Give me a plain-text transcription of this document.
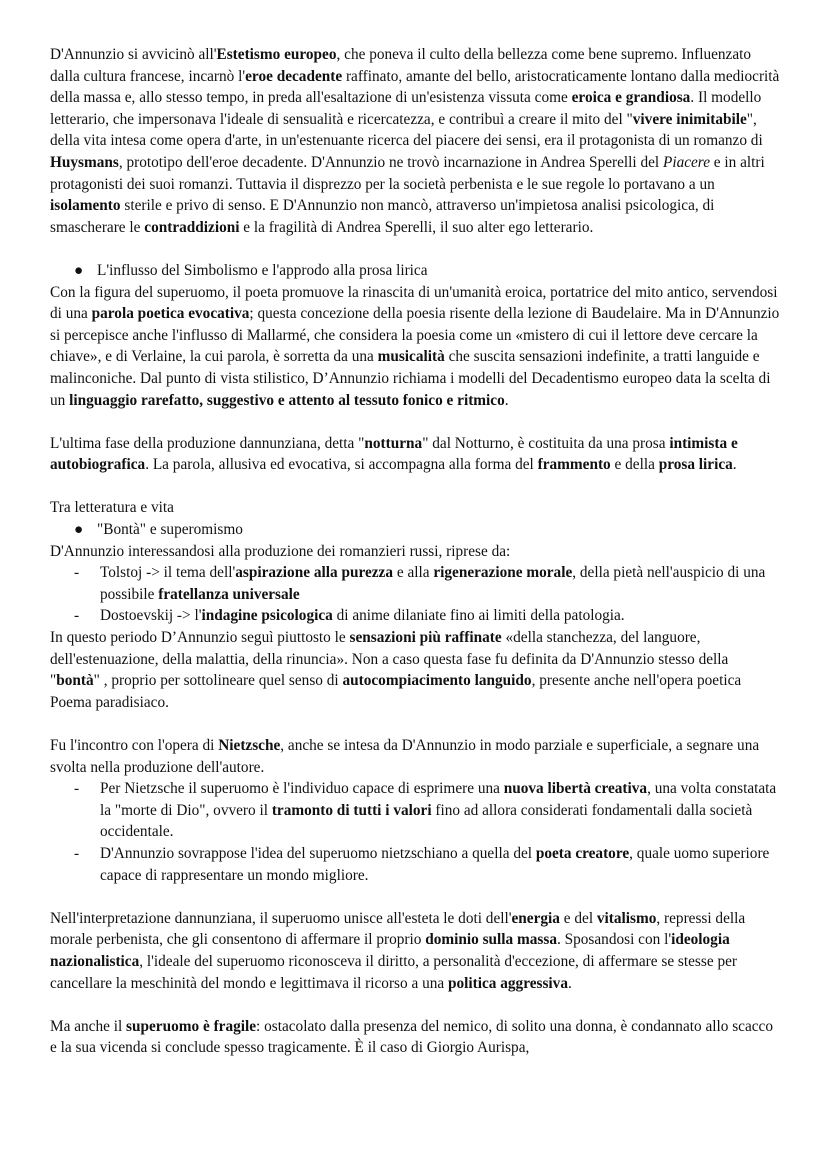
D'Annunzio si avvicinò all'Estetismo europeo, che poneva il culto della bellezza come bene supremo. Influenzato dalla cultura francese, incarnò l'eroe decadente raffinato, amante del bello, aristocraticamente lontano dalla mediocrità della massa e, allo stesso tempo, in preda all'esaltazione di un'esistenza vissuta come eroica e grandiosa. Il modello letterario, che impersonava l'ideale di sensualità e ricercatezza, e contribuì a creare il mito del "vivere inimitabile", della vita intesa come opera d'arte, in un'estenuante ricerca del piacere dei sensi, era il protagonista di un romanzo di Huysmans, prototipo dell'eroe decadente. D'Annunzio ne trovò incarnazione in Andrea Sperelli del Piacere e in altri protagonisti dei suoi romanzi. Tuttavia il disprezzo per la società perbenista e le sue regole lo portavano a un isolamento sterile e privo di senso. E D'Annunzio non mancò, attraverso un'impietosa analisi psicologica, di smascherare le contraddizioni e la fragilità di Andrea Sperelli, il suo alter ego letterario.

● L'influsso del Simbolismo e l'approdo alla prosa lirica

Con la figura del superuomo, il poeta promuove la rinascita di un'umanità eroica, portatrice del mito antico, servendosi di una parola poetica evocativa; questa concezione della poesia risente della lezione di Baudelaire. Ma in D'Annunzio si percepisce anche l'influsso di Mallarmé, che considera la poesia come un «mistero di cui il lettore deve cercare la chiave», e di Verlaine, la cui parola, è sorretta da una musicalità che suscita sensazioni indefinite, a tratti languide e malinconiche. Dal punto di vista stilistico, D’Annunzio richiama i modelli del Decadentismo europeo data la scelta di un linguaggio rarefatto, suggestivo e attento al tessuto fonico e ritmico.

L'ultima fase della produzione dannunziana, detta "notturna" dal Notturno, è costituita da una prosa intimista e autobiografica. La parola, allusiva ed evocativa, si accompagna alla forma del frammento e della prosa lirica.

Tra letteratura e vita

● "Bontà" e superomismo

D'Annunzio interessandosi alla produzione dei romanzieri russi, riprese da:

- Tolstoj -> il tema dell'aspirazione alla purezza e alla rigenerazione morale, della pietà nell'auspicio di una possibile fratellanza universale

- Dostoevskij -> l'indagine psicologica di anime dilaniate fino ai limiti della patologia.

In questo periodo D’Annunzio seguì piuttosto le sensazioni più raffinate «della stanchezza, del languore, dell'estenuazione, della malattia, della rinuncia». Non a caso questa fase fu definita da D'Annunzio stesso della "bontà" , proprio per sottolineare quel senso di autocompiacimento languido, presente anche nell'opera poetica Poema paradisiaco.

Fu l'incontro con l'opera di Nietzsche, anche se intesa da D'Annunzio in modo parziale e superficiale, a segnare una svolta nella produzione dell'autore.

- Per Nietzsche il superuomo è l'individuo capace di esprimere una nuova libertà creativa, una volta constatata la "morte di Dio", ovvero il tramonto di tutti i valori fino ad allora considerati fondamentali dalla società occidentale.

- D'Annunzio sovrappose l'idea del superuomo nietzschiano a quella del poeta creatore, quale uomo superiore capace di rappresentare un mondo migliore.

Nell'interpretazione dannunziana, il superuomo unisce all'esteta le doti dell'energia e del vitalismo, repressi della morale perbenista, che gli consentono di affermare il proprio dominio sulla massa. Sposandosi con l'ideologia nazionalistica, l'ideale del superuomo riconosceva il diritto, a personalità d'eccezione, di affermare se stesse per cancellare la meschinità del mondo e legittimava il ricorso a una politica aggressiva.

Ma anche il superuomo è fragile: ostacolato dalla presenza del nemico, di solito una donna, è condannato allo scacco e la sua vicenda si conclude spesso tragicamente. È il caso di Giorgio Aurispa,
